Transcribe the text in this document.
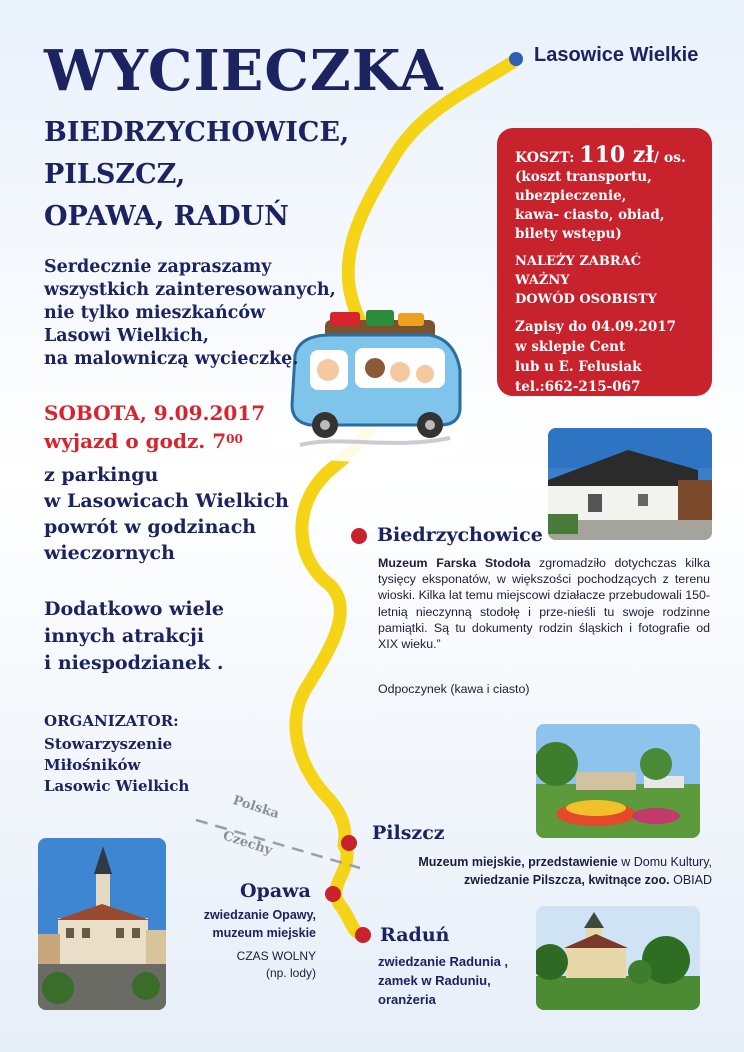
WYCIECZKA
BIEDRZYCHOWICE,
PILSZCZ,
OPAWA, RADUŃ
Serdecznie zapraszamy
wszystkich zainteresowanych,
nie tylko mieszkańców
Lasowi Wielkich,
na malowniczą wycieczkę.
SOBOTA, 9.09.2017
wyjazd o godz. $7^{00}$
z parkingu
w Lasowicach Wielkich
powrót w godzinach
wieczornych
Dodatkowo wiele
innych atrakcji
i niespodzianek .
ORGANIZATOR:
Stowarzyszenie
Miłośników
Lasowic Wielkich
KOSZT: 110 zł/ os.
(koszt transportu,
ubezpieczenie,
kawa- ciasto, obiad,
bilety wstępu)
NALEŻY ZABRAĆ WAŻNY
DOWÓD OSOBISTY
Zapisy do 04.09.2017
w sklepie Cent
lub u E. Felusiak
tel.:662-215-067
Lasowice Wielkie
Polska
Czechy
Biedrzychowice
Muzeum Farska Stodoła zgromadziło dotychczas kilka tysięcy eksponatów, w większości pochodzących z terenu wioski. Kilka lat temu miejscowi działacze przebudowali 150- letnią nieczynną stodołę i prze-nieśli tu swoje rodzinne pamiątki. Są tu dokumenty rodzin śląskich i fotografie od XIX wieku.”
Odpoczynek (kawa i ciasto)
Pilszcz
Muzeum miejskie, przedstawienie w Domu Kultury,
zwiedzanie Pilszcza, kwitnące zoo. OBIAD
Opawa
zwiedzanie Opawy,
muzeum miejskie
CZAS WOLNY
(np. lody)
Raduń
zwiedzanie Radunia ,
zamek w Raduniu,
oranżeria
